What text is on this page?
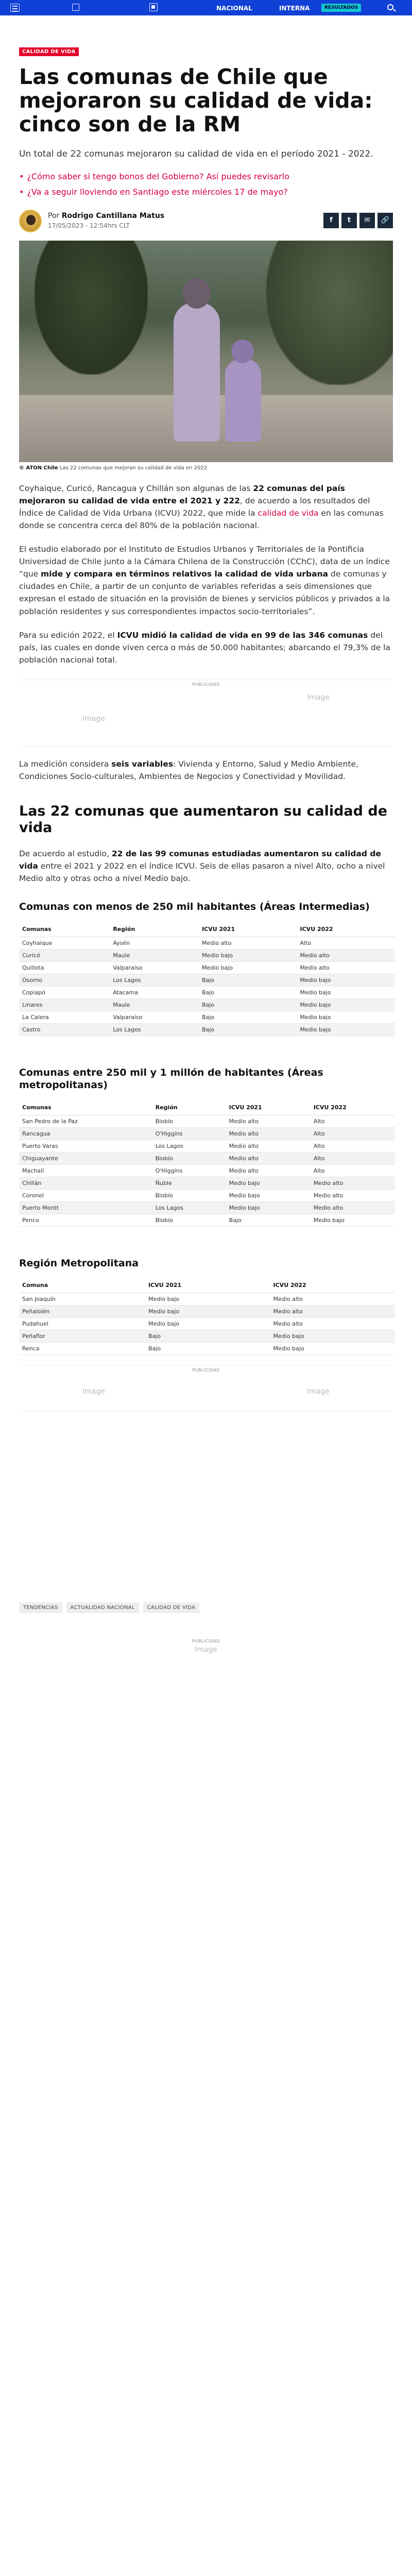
NACIONAL	INTERNA	RESULTADOS
CALIDAD DE VIDA
Las comunas de Chile que mejoraron su calidad de vida: cinco son de la RM

Un total de 22 comunas mejoraron su calidad de vida en el período 2021 - 2022.

• ¿Cómo saber si tengo bonos del Gobierno? Así puedes revisarlo
• ¿Va a seguir lloviendo en Santiago este miércoles 17 de mayo?
Por Rodrigo Cantillana Matus
17/05/2023 - 12:54hrs CLT
f	t	✉	🔗

© ATON Chile Las 22 comunas que mejoran su calidad de vida en 2022

Coyhaique, Curicó, Rancagua y Chillán son algunas de las 22 comunas del país mejoraron su calidad de vida entre el 2021 y 222, de acuerdo a los resultados del Índice de Calidad de Vida Urbana (ICVU) 2022, que mide la calidad de vida en las comunas donde se concentra cerca del 80% de la población nacional.

El estudio elaborado por el Instituto de Estudios Urbanos y Territoriales de la Pontificia Universidad de Chile junto a la Cámara Chilena de la Construcción (CChC), data de un índice “que mide y compara en términos relativos la calidad de vida urbana de comunas y ciudades en Chile, a partir de un conjunto de variables referidas a seis dimensiones que expresan el estado de situación en la provisión de bienes y servicios públicos y privados a la población residentes y sus correspondientes impactos socio-territoriales”.

Para su edición 2022, el ICVU midió la calidad de vida en 99 de las 346 comunas del país, las cuales en donde viven cerca o más de 50.000 habitantes; abarcando el 79,3% de la población nacional total.

PUBLICIDAD
Image
Image

La medición considera seis variables: Vivienda y Entorno, Salud y Medio Ambiente, Condiciones Socio-culturales, Ambientes de Negocios y Conectividad y Movilidad.

Las 22 comunas que aumentaron su calidad de vida

De acuerdo al estudio, 22 de las 99 comunas estudiadas aumentaron su calidad de vida entre el 2021 y 2022 en el índice ICVU. Seis de ellas pasaron a nivel Alto, ocho a nivel Medio alto y otras ocho a nivel Medio bajo.

Comunas con menos de 250 mil habitantes (Áreas Intermedias)
Comunas	Región	ICVU 2021	ICVU 2022
Coyhaique	Aysén	Medio alto	Alto
Curicó	Maule	Medio bajo	Medio alto
Quillota	Valparaíso	Medio bajo	Medio alto
Osorno	Los Lagos	Bajo	Medio bajo
Copiapó	Atacama	Bajo	Medio bajo
Linares	Maule	Bajo	Medio bajo
La Calera	Valparaíso	Bajo	Medio bajo
Castro	Los Lagos	Bajo	Medio bajo
Comunas entre 250 mil y 1 millón de habitantes (Áreas metropolitanas)
Comunas	Región	ICVU 2021	ICVU 2022
San Pedro de la Paz	Biobío	Medio alto	Alto
Rancagua	O'Higgins	Medio alto	Alto
Puerto Varas	Los Lagos	Medio alto	Alto
Chiguayante	Biobío	Medio alto	Alto
Machalí	O'Higgins	Medio alto	Alto
Chillán	Ñuble	Medio bajo	Medio alto
Coronel	Biobío	Medio bajo	Medio alto
Puerto Montt	Los Lagos	Medio bajo	Medio alto
Penco	Biobío	Bajo	Medio bajo
Región Metropolitana
Comuna	ICVU 2021	ICVU 2022
San Joaquín	Medio bajo	Medio alto
Peñalolén	Medio bajo	Medio alto
Pudahuel	Medio bajo	Medio alto
Peñaflor	Bajo	Medio bajo
Renca	Bajo	Medio bajo
PUBLICIDAD
Image	Image
TENDENCIAS	ACTUALIDAD NACIONAL	CALIDAD DE VIDA
PUBLICIDAD
Image
